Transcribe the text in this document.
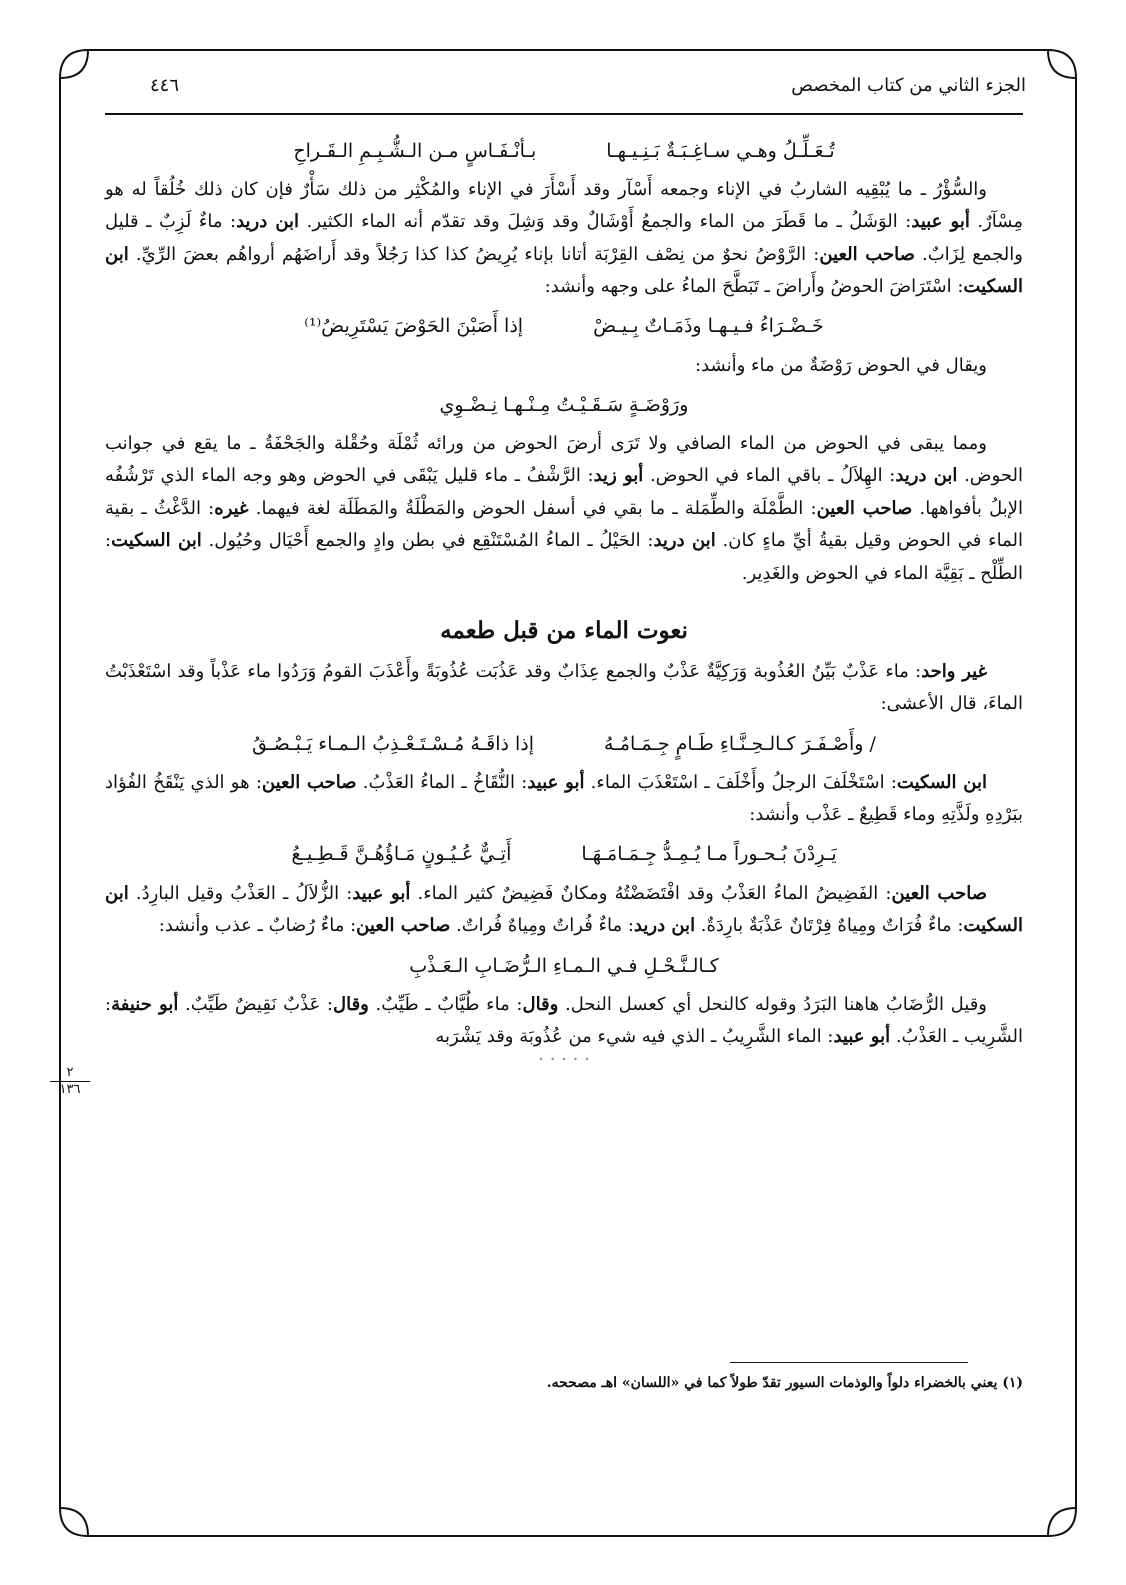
الجزء الثاني من كتاب المخصص
٤٤٦
٢
١٣٦
تُـعَـلِّـلُ وهـي سـاغِـبَـةٌ بَـنِـيـهـا
بـأنْـفَـاسٍ مـن الـشُّـبِـمِ الـقَـراحِ

والسُّؤْرُ ـ ما يُبْقِيه الشاربُ في الإناء وجمعه أَسْآر وقد أَسْأَرَ في الإناء والمُكْثِر من ذلك سَأْرٌ فإن كان ذلك خُلُقاً له هو مِسْآرٌ. أبو عبيد: الوَشَلُ ـ ما قَطَرَ من الماء والجمعُ أَوْشَالٌ وقد وَشِلَ وقد تقدّم أنه الماء الكثير. ابن دريد: ماءٌ لَزِبٌ ـ قليل والجمع لِزَابٌ. صاحب العين: الرَّوْضُ نحوٌ من نِصْف القِرْبَة أتانا بإناء يُرِيضُ كذا كذا رَجُلاً وقد أَراضَهُم أرواهُم بعضَ الرِّيِّ. ابن السكيت: اسْتَرَاضَ الحوضُ وأَراضَ ـ تَبَطَّحَ الماءُ على وجهه وأنشد:

خَـضْـرَاءُ فـيـهـا وذَمَـاتٌ بِـيـضْ
إذا أَصَبْنَ الحَوْضَ يَسْتَرِيضُ⁽¹⁾

ويقال في الحوض رَوْضَةٌ من ماء وأنشد:

ورَوْضَـةٍ سَـقَـيْـتُ مِـنْـهـا نِـضْـوِي

ومما يبقى في الحوض من الماء الصافي ولا تَرَى أرضَ الحوض من ورائه ثُمْلَة وحُقْلة والجَحْفَةُ ـ ما يقع في جوانب الحوض. ابن دريد: الهِلاَلُ ـ باقي الماء في الحوض. أبو زيد: الرَّشْفُ ـ ماء قليل يَبْقَى في الحوض وهو وجه الماء الذي تَرْشُفُه الإبلُ بأفواهها. صاحب العين: الطَّمْلَة والطِّمَلة ـ ما بقي في أسفل الحوض والمَطْلَةُ والمَطَلَة لغة فيهما. غيره: الدَّغْثُ ـ بقية الماء في الحوض وقيل بقيةُ أيِّ ماءٍ كان. ابن دريد: الحَيْلُ ـ الماءُ المُسْتَنْقِع في بطن وادٍ والجمع أَحْيَال وحُيُول. ابن السكيت: الطِّلْح ـ بَقِيَّة الماء في الحوض والغَدِير.

نعوت الماء من قبل طعمه

غير واحد: ماء عَذْبٌ بَيِّنُ العُذُوبة وَرَكِيَّةٌ عَذْبٌ والجمع عِذَابٌ وقد عَذُبَت عُذُوبَةً وأَعْذَبَ القومُ وَرَدُوا ماء عَذْباً وقد اسْتَعْذَبْتُ الماءَ، قال الأعشى:

/ وأَصْـفَـرَ كـالـحِـنَّـاءِ طَـامٍ جِـمَـامُـهُ
إذا ذاقَـهُ مُـسْـتَـعْـذِبُ الـمـاء يَـبْـصُـقُ

ابن السكيت: اسْتَخْلَفَ الرجلُ وأَخْلَفَ ـ اسْتَعْذَبَ الماء. أبو عبيد: النُّقَاخُ ـ الماءُ العَذْبُ. صاحب العين: هو الذي يَنْقَخُ الفُؤاد ببَرْدِهِ ولَذَّتِهِ وماء قَطِيعٌ ـ عَذْب وأنشد:

يَـرِدْنَ بُـحـوراً مـا يُـمِـدُّ جِـمَـامَـهَـا
أَتِـيٌّ عُـيُـونٍ مَـاؤُهُـنَّ قَـطِـيـعُ

صاحب العين: الفَضِيضُ الماءُ العَذْبُ وقد افْتَضَضْتُهُ ومكانٌ فَضِيضٌ كثير الماء. أبو عبيد: الزُّلاَلُ ـ العَذْبُ وقيل البارِدُ. ابن السكيت: ماءٌ فُرَاتٌ ومِياهٌ فِرْتَانٌ عَذْبَةٌ بارِدَةٌ. ابن دريد: ماءٌ فُراتٌ ومِياهٌ فُراتٌ. صاحب العين: ماءٌ رُضابٌ ـ عذب وأنشد:

كـالـنَّـحْـلِ فـي الـمـاءِ الـرُّضَـابِ الـعَـذْبِ

وقيل الرُّضَابُ هاهنا البَرَدُ وقوله كالنحل أي كعسل النحل. وقال: ماء طُيَّابٌ ـ طَيِّبٌ. وقال: عَذْبٌ نَقِيضٌ طَيِّبٌ. أبو حنيفة: الشَّرِيب ـ العَذْبُ. أبو عبيد: الماء الشَّرِيبُ ـ الذي فيه شيء من عُذُوبَة وقد يَشْرَبه

· · · · ·
(١) يعني بالخضراء دلواً والوذمات السيور تقدّ طولاً كما في «اللسان» اهـ مصححه.
